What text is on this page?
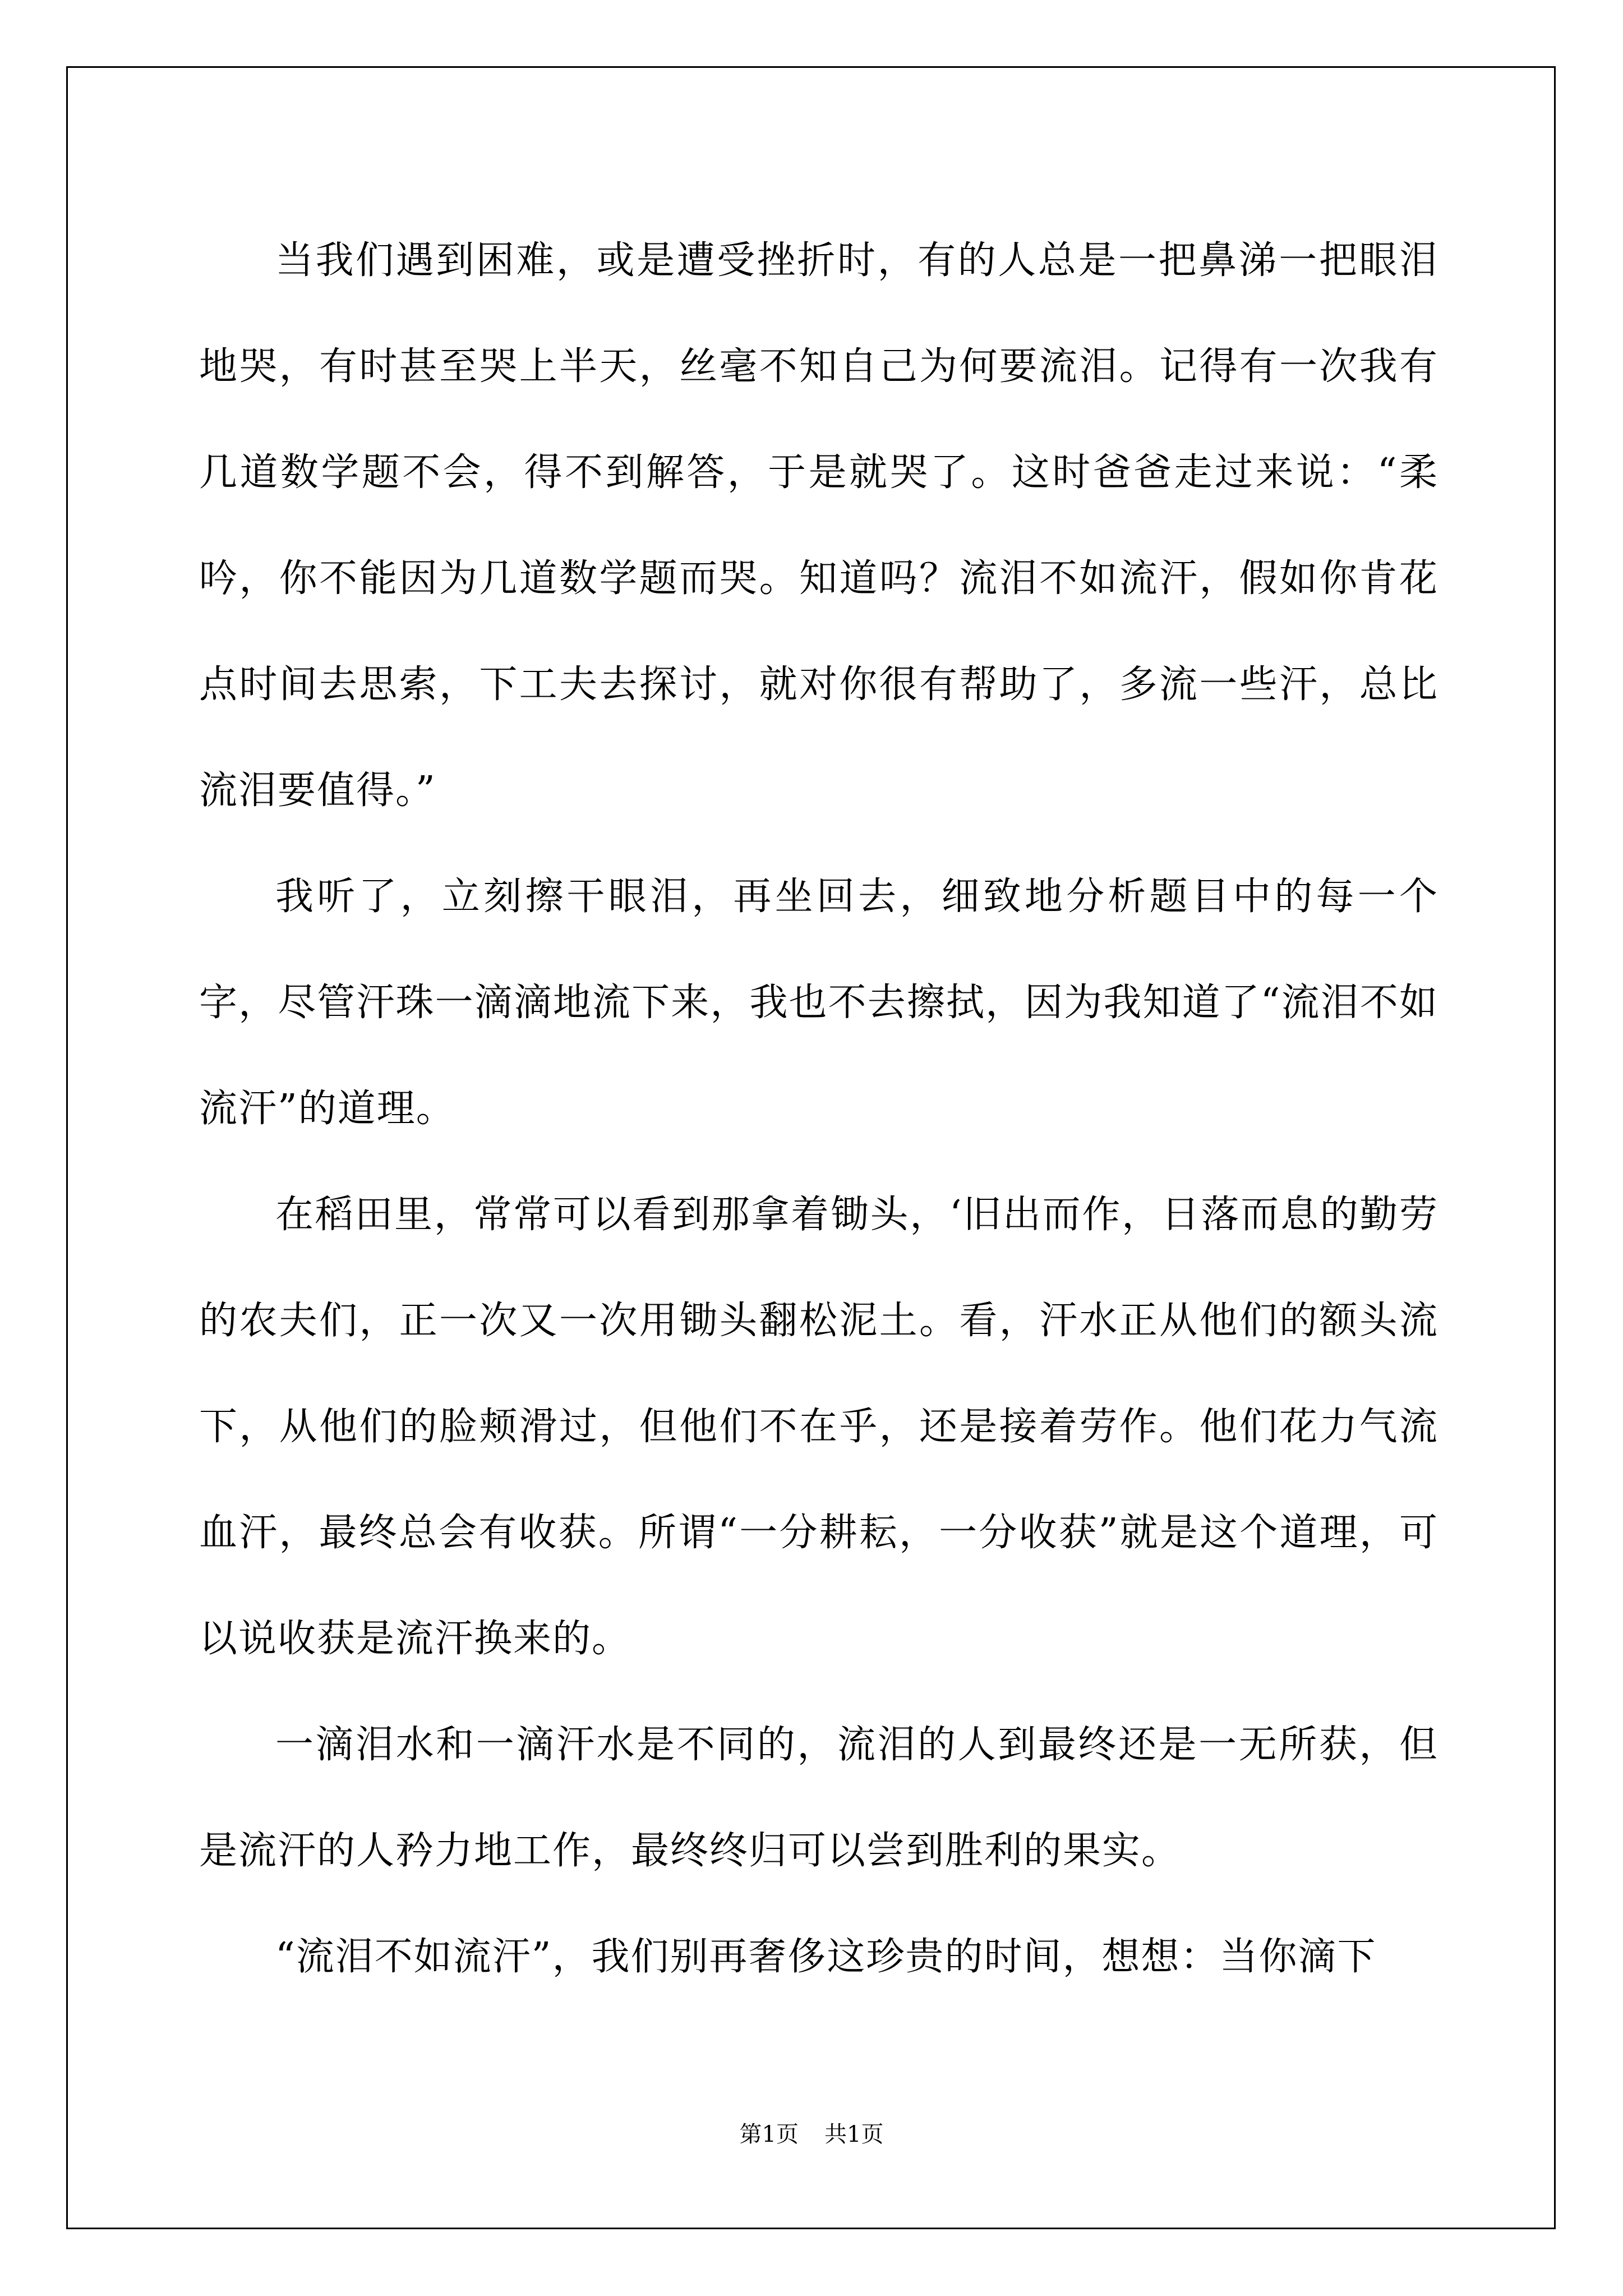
当我们遇到困难，或是遭受挫折时，有的人总是一把鼻涕一把眼泪地哭，有时甚至哭上半天，丝毫不知自己为何要流泪。记得有一次我有几道数学题不会，得不到解答，于是就哭了。这时爸爸走过来说：“柔吟，你不能因为几道数学题而哭。知道吗？流泪不如流汗，假如你肯花点时间去思索，下工夫去探讨，就对你很有帮助了，多流一些汗，总比流泪要值得。”

我听了，立刻擦干眼泪，再坐回去，细致地分析题目中的每一个字，尽管汗珠一滴滴地流下来，我也不去擦拭，因为我知道了“流泪不如流汗”的道理。

在稻田里，常常可以看到那拿着锄头，‘旧出而作，日落而息的勤劳的农夫们，正一次又一次用锄头翻松泥土。看，汗水正从他们的额头流下，从他们的脸颊滑过，但他们不在乎，还是接着劳作。他们花力气流血汗，最终总会有收获。所谓“一分耕耘，一分收获”就是这个道理，可以说收获是流汗换来的。

一滴泪水和一滴汗水是不同的，流泪的人到最终还是一无所获，但是流汗的人矜力地工作，最终终归可以尝到胜利的果实。

“流泪不如流汗”，我们别再奢侈这珍贵的时间，想想：当你滴下

第1页 共1页
